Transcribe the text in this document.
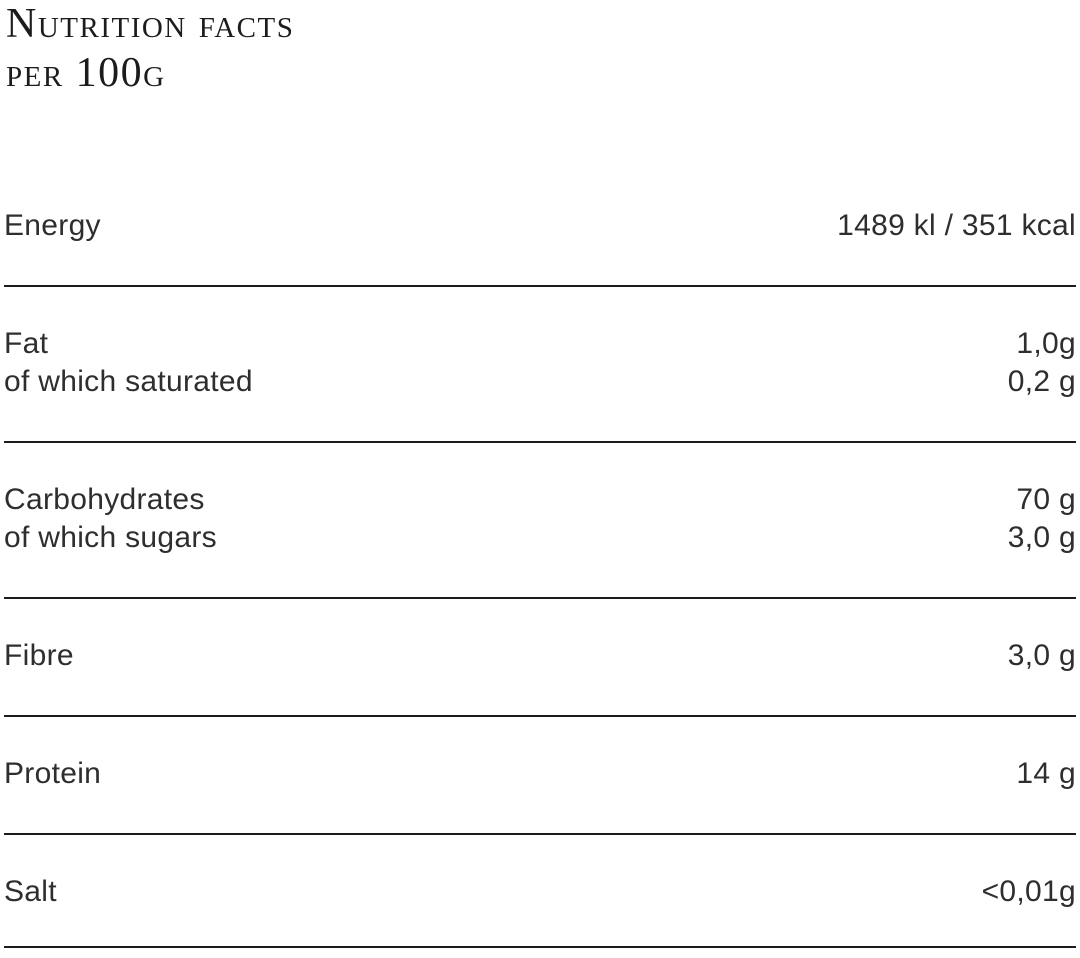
Nutrition facts
per 100g
Energy	1489 kl / 351 kcal
Fat	1,0g
of which saturated	0,2 g
Carbohydrates	70 g
of which sugars	3,0 g
Fibre	3,0 g
Protein	14 g
Salt	<0,01g
